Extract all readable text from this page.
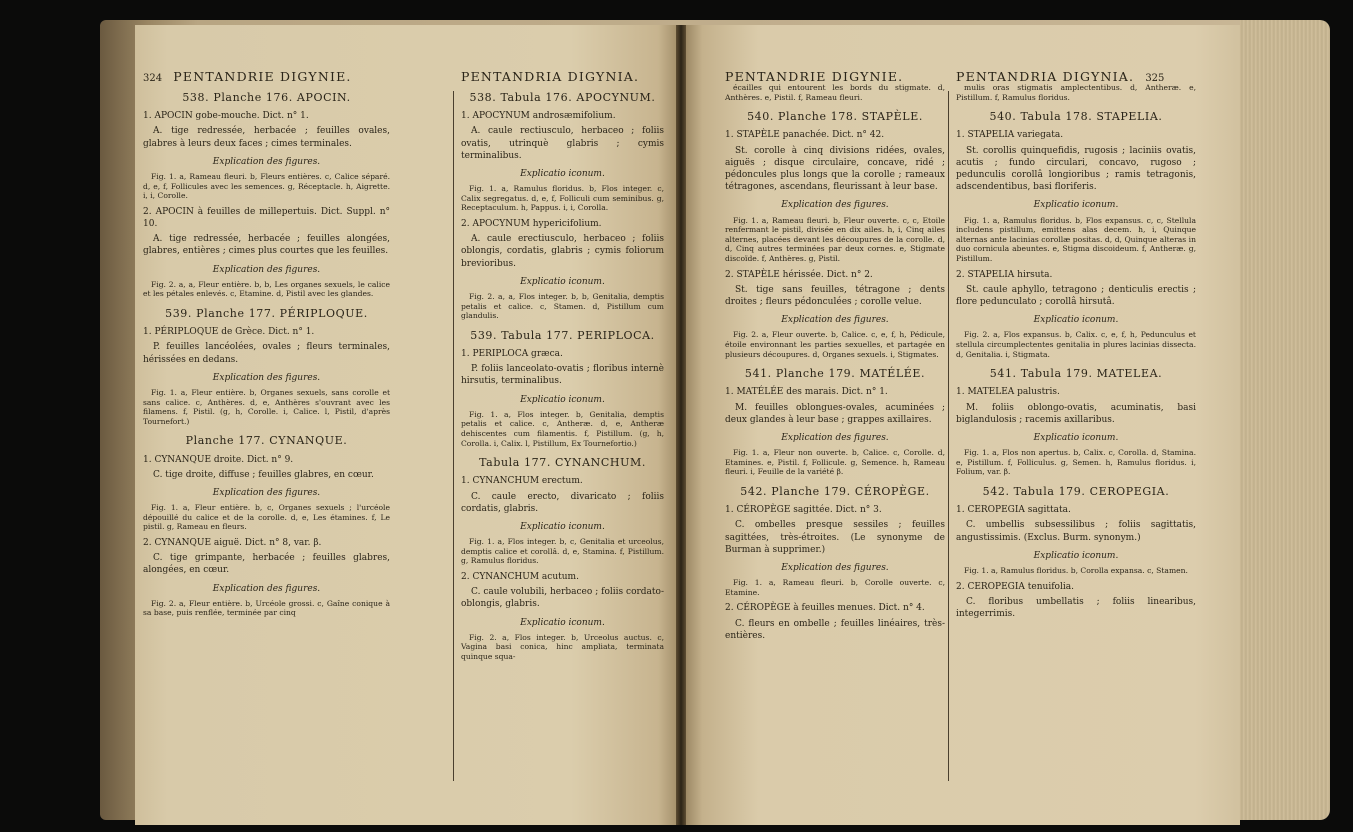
324 PENTANDRIE DIGYNIE.	PENTANDRIA DIGYNIA.
538. Planche 176. APOCIN.
1. APOCIN gobe-mouche. Dict. n° 1.
A. tige redressée, herbacée ; feuilles ovales, glabres à leurs deux faces ; cimes terminales.
Explication des figures.
Fig. 1. a, Rameau fleuri. b, Fleurs entières. c, Calice séparé. d, e, f, Follicules avec les semences. g, Réceptacle. h, Aigrette. i, i, Corolle.
2. APOCIN à feuilles de millepertuis. Dict. Suppl. n° 10.
A. tige redressée, herbacée ; feuilles alongées, glabres, entières ; cimes plus courtes que les feuilles.
Explication des figures.
Fig. 2. a, a, Fleur entière. b, b, Les organes sexuels, le calice et les pétales enlevés. c, Etamine. d, Pistil avec les glandes.
539. Planche 177. PÉRIPLOQUE.
1. PÉRIPLOQUE de Grèce. Dict. n° 1.
P. feuilles lancéolées, ovales ; fleurs terminales, hérissées en dedans.
Explication des figures.
Fig. 1. a, Fleur entière. b, Organes sexuels, sans corolle et sans calice. c, Anthères. d, e, Anthères s'ouvrant avec les filamens. f, Pistil. (g, h, Corolle. i, Calice. l, Pistil, d'après Tournefort.)
Planche 177. CYNANQUE.
1. CYNANQUE droite. Dict. n° 9.
C. tige droite, diffuse ; feuilles glabres, en cœur.
Explication des figures.
Fig. 1. a, Fleur entière. b, c, Organes sexuels ; l'urcéole dépouillé du calice et de la corolle. d, e, Les étamines. f, Le pistil. g, Rameau en fleurs.
2. CYNANQUE aiguë. Dict. n° 8, var. β.
C. tige grimpante, herbacée ; feuilles glabres, alongées, en cœur.
Explication des figures.
Fig. 2. a, Fleur entière. b, Urcéole grossi. c, Gaîne conique à sa base, puis renflée, terminée par cinq
538. Tabula 176. APOCYNUM.
1. APOCYNUM androsæmifolium.
A. caule rectiusculo, herbaceo ; foliis ovatis, utrinquè glabris ; cymis terminalibus.
Explicatio iconum.
Fig. 1. a, Ramulus floridus. b, Flos integer. c, Calix segregatus. d, e, f, Folliculi cum seminibus. g, Receptaculum. h, Pappus. i, i, Corolla.
2. APOCYNUM hypericifolium.
A. caule erectiusculo, herbaceo ; foliis oblongis, cordatis, glabris ; cymis foliorum brevioribus.
Explicatio iconum.
Fig. 2. a, a, Flos integer. b, b, Genitalia, demptis petalis et calice. c, Stamen. d, Pistillum cum glandulis.
539. Tabula 177. PERIPLOCA.
1. PERIPLOCA græca.
P. foliis lanceolato-ovatis ; floribus internè hirsutis, terminalibus.
Explicatio iconum.
Fig. 1. a, Flos integer. b, Genitalia, demptis petalis et calice. c, Antheræ. d, e, Antheræ dehiscentes cum filamentis. f, Pistillum. (g, h, Corolla. i, Calix. l, Pistillum, Ex Tournefortio.)
Tabula 177. CYNANCHUM.
1. CYNANCHUM erectum.
C. caule erecto, divaricato ; foliis cordatis, glabris.
Explicatio iconum.
Fig. 1. a, Flos integer. b, c, Genitalia et urceolus, demptis calice et corollâ. d, e, Stamina. f, Pistillum. g, Ramulus floridus.
2. CYNANCHUM acutum.
C. caule volubili, herbaceo ; foliis cordato-oblongis, glabris.
Explicatio iconum.
Fig. 2. a, Flos integer. b, Urceolus auctus. c, Vagina basi conica, hinc ampliata, terminata quinque squa-
PENTANDRIE DIGYNIE.	PENTANDRIA DIGYNIA. 325
écailles qui entourent les bords du stigmate. d, Anthères. e, Pistil. f, Rameau fleuri.
540. Planche 178. STAPÈLE.
1. STAPÈLE panachée. Dict. n° 42.
St. corolle à cinq divisions ridées, ovales, aiguës ; disque circulaire, concave, ridé ; pédoncules plus longs que la corolle ; rameaux tétragones, ascendans, fleurissant à leur base.
Explication des figures.
Fig. 1. a, Rameau fleuri. b, Fleur ouverte. c, c, Etoile renfermant le pistil, divisée en dix ailes. h, i, Cinq ailes alternes, placées devant les découpures de la corolle. d, d, Cinq autres terminées par deux cornes. e, Stigmate discoïde. f, Anthères. g, Pistil.
2. STAPÈLE hérissée. Dict. n° 2.
St. tige sans feuilles, tétragone ; dents droites ; fleurs pédonculées ; corolle velue.
Explication des figures.
Fig. 2. a, Fleur ouverte. b, Calice. c, e, f, h, Pédicule, étoile environnant les parties sexuelles, et partagée en plusieurs découpures. d, Organes sexuels. i, Stigmates.
541. Planche 179. MATÉLÉE.
1. MATÉLÉE des marais. Dict. n° 1.
M. feuilles oblongues-ovales, acuminées ; deux glandes à leur base ; grappes axillaires.
Explication des figures.
Fig. 1. a, Fleur non ouverte. b, Calice. c, Corolle. d, Etamines. e, Pistil. f, Follicule. g, Semence. h, Rameau fleuri. i, Feuille de la variété β.
542. Planche 179. CÉROPÈGE.
1. CÉROPÈGE sagittée. Dict. n° 3.
C. ombelles presque sessiles ; feuilles sagittées, très-étroites. (Le synonyme de Burman à supprimer.)
Explication des figures.
Fig. 1. a, Rameau fleuri. b, Corolle ouverte. c, Etamine.
2. CÉROPÈGE à feuilles menues. Dict. n° 4.
C. fleurs en ombelle ; feuilles linéaires, très-entières.
mulis oras stigmatis amplectentibus. d, Antheræ. e, Pistillum. f, Ramulus floridus.
540. Tabula 178. STAPELIA.
1. STAPELIA variegata.
St. corollis quinquefidis, rugosis ; laciniis ovatis, acutis ; fundo circulari, concavo, rugoso ; pedunculis corollâ longioribus ; ramis tetragonis, adscendentibus, basi floriferis.
Explicatio iconum.
Fig. 1. a, Ramulus floridus. b, Flos expansus. c, c, Stellula includens pistillum, emittens alas decem. h, i, Quinque alternas ante lacinias corollæ positas. d, d, Quinque alteras in duo cornicula abeuntes. e, Stigma discoideum. f, Antheræ. g, Pistillum.
2. STAPELIA hirsuta.
St. caule aphyllo, tetragono ; denticulis erectis ; flore pedunculato ; corollâ hirsutâ.
Explicatio iconum.
Fig. 2. a, Flos expansus. b, Calix. c, e, f, h, Pedunculus et stellula circumplectentes genitalia in plures lacinias dissecta. d, Genitalia. i, Stigmata.
541. Tabula 179. MATELEA.
1. MATELEA palustris.
M. foliis oblongo-ovatis, acuminatis, basi biglandulosis ; racemis axillaribus.
Explicatio iconum.
Fig. 1. a, Flos non apertus. b, Calix. c, Corolla. d, Stamina. e, Pistillum. f, Folliculus. g, Semen. h, Ramulus floridus. i, Folium, var. β.
542. Tabula 179. CEROPEGIA.
1. CEROPEGIA sagittata.
C. umbellis subsessilibus ; foliis sagittatis, angustissimis. (Exclus. Burm. synonym.)
Explicatio iconum.
Fig. 1. a, Ramulus floridus. b, Corolla expansa. c, Stamen.
2. CEROPEGIA tenuifolia.
C. floribus umbellatis ; foliis linearibus, integerrimis.
